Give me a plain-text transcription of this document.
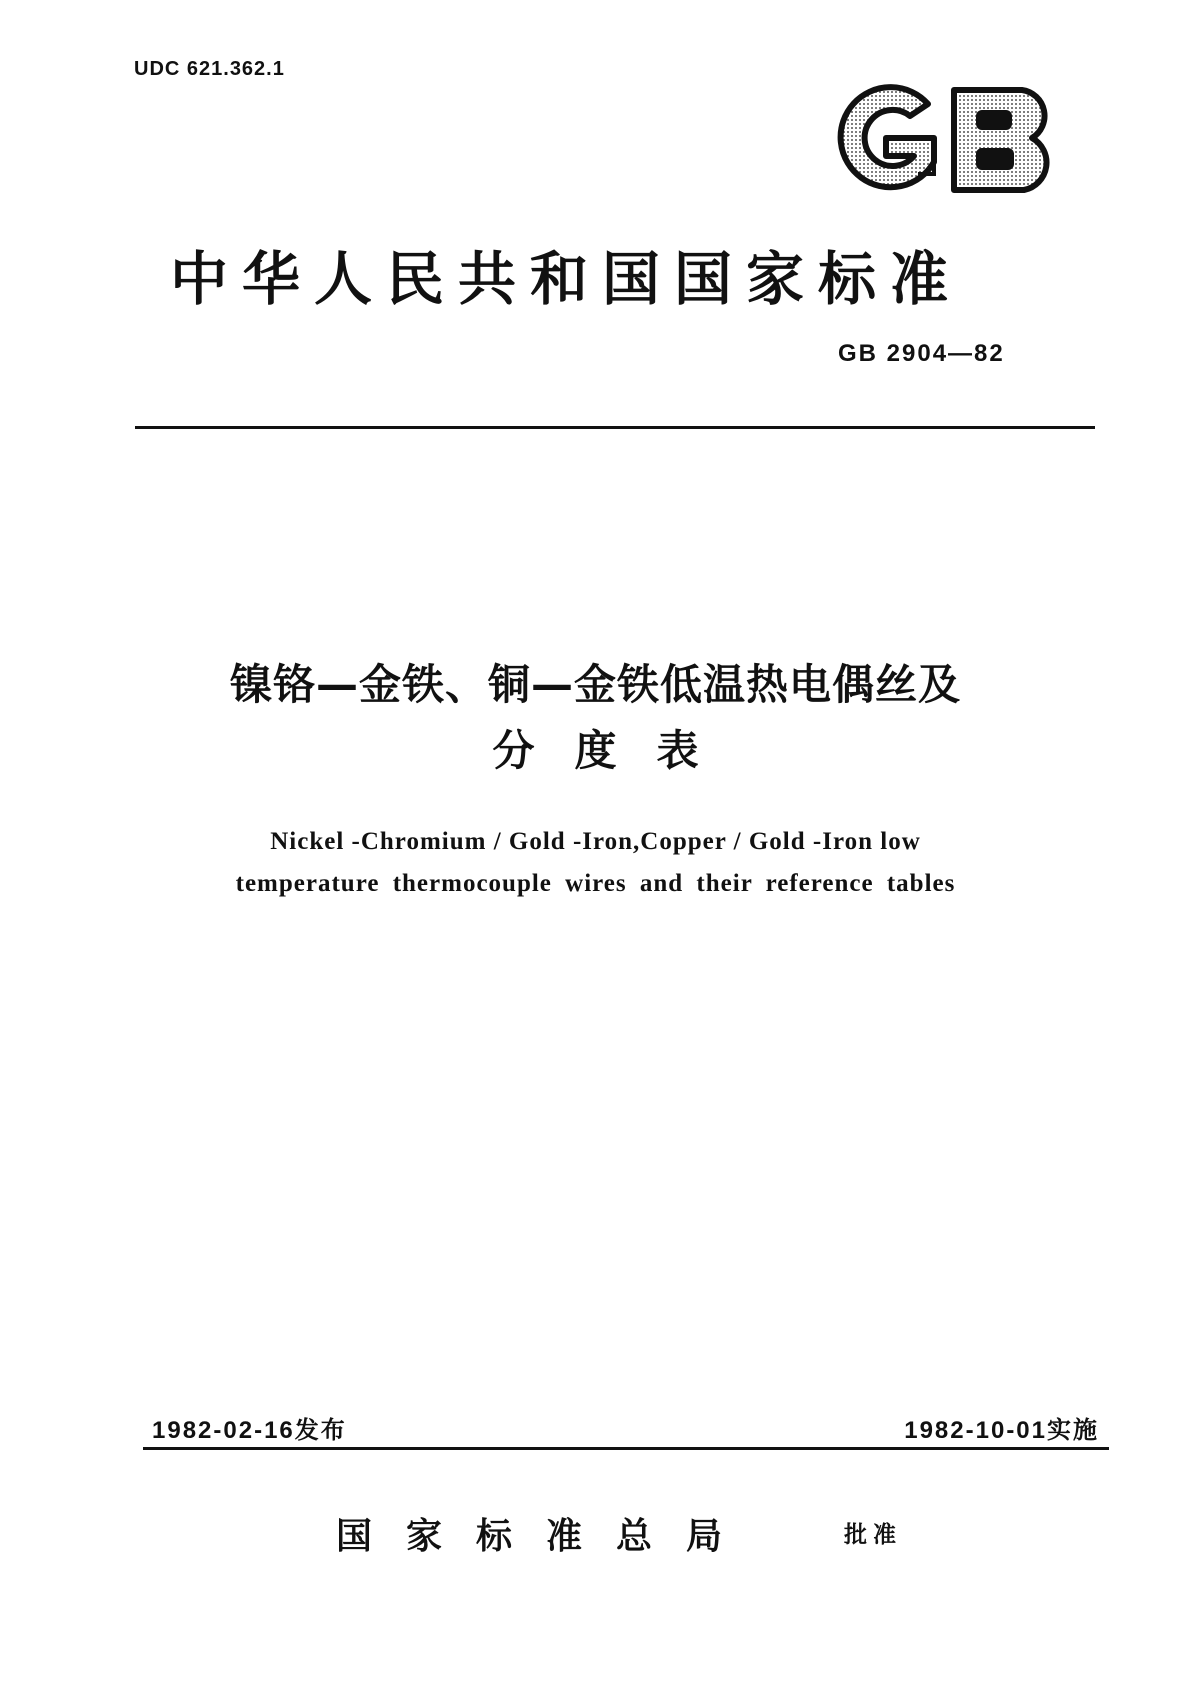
UDC 621.362.1
中华人民共和国国家标准
GB 2904—82
镍铬—金铁、铜—金铁低温热电偶丝及
分度表
Nickel -Chromium / Gold -Iron,Copper / Gold -Iron low
temperature thermocouple wires and their reference tables
1982-02-16发布	1982-10-01实施
国家标准总局	批准
